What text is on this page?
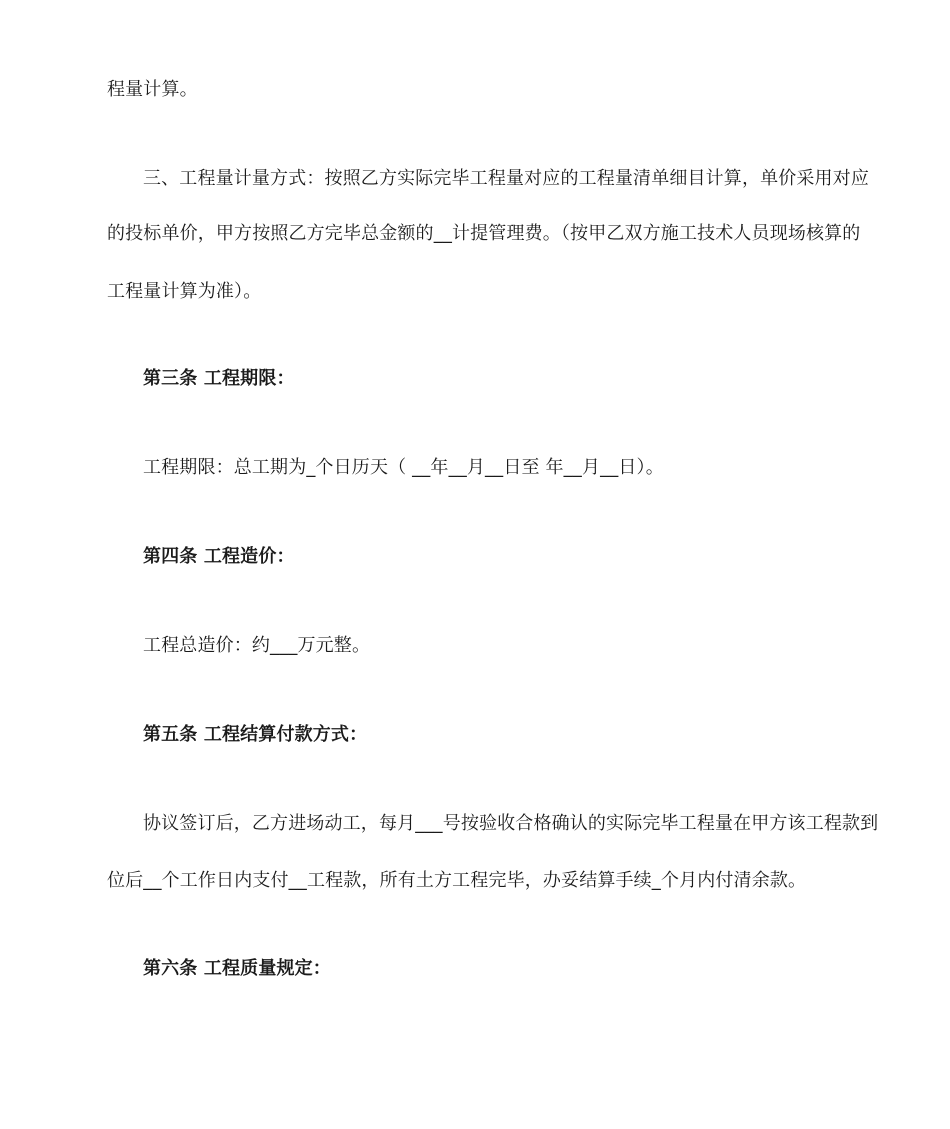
程量计算。
三、工程量计量方式：按照乙方实际完毕工程量对应的工程量清单细目计算，单价采用对应
的投标单价，甲方按照乙方完毕总金额的__计提管理费。（按甲乙双方施工技术人员现场核算的
工程量计算为准）。
第三条 工程期限：
工程期限：总工期为_个日历天（ __年__月__日至 年__月__日）。
第四条 工程造价：
工程总造价：约___万元整。
第五条 工程结算付款方式：
协议签订后，乙方进场动工，每月___号按验收合格确认的实际完毕工程量在甲方该工程款到
位后__个工作日内支付__工程款，所有土方工程完毕，办妥结算手续_个月内付清余款。
第六条 工程质量规定：
